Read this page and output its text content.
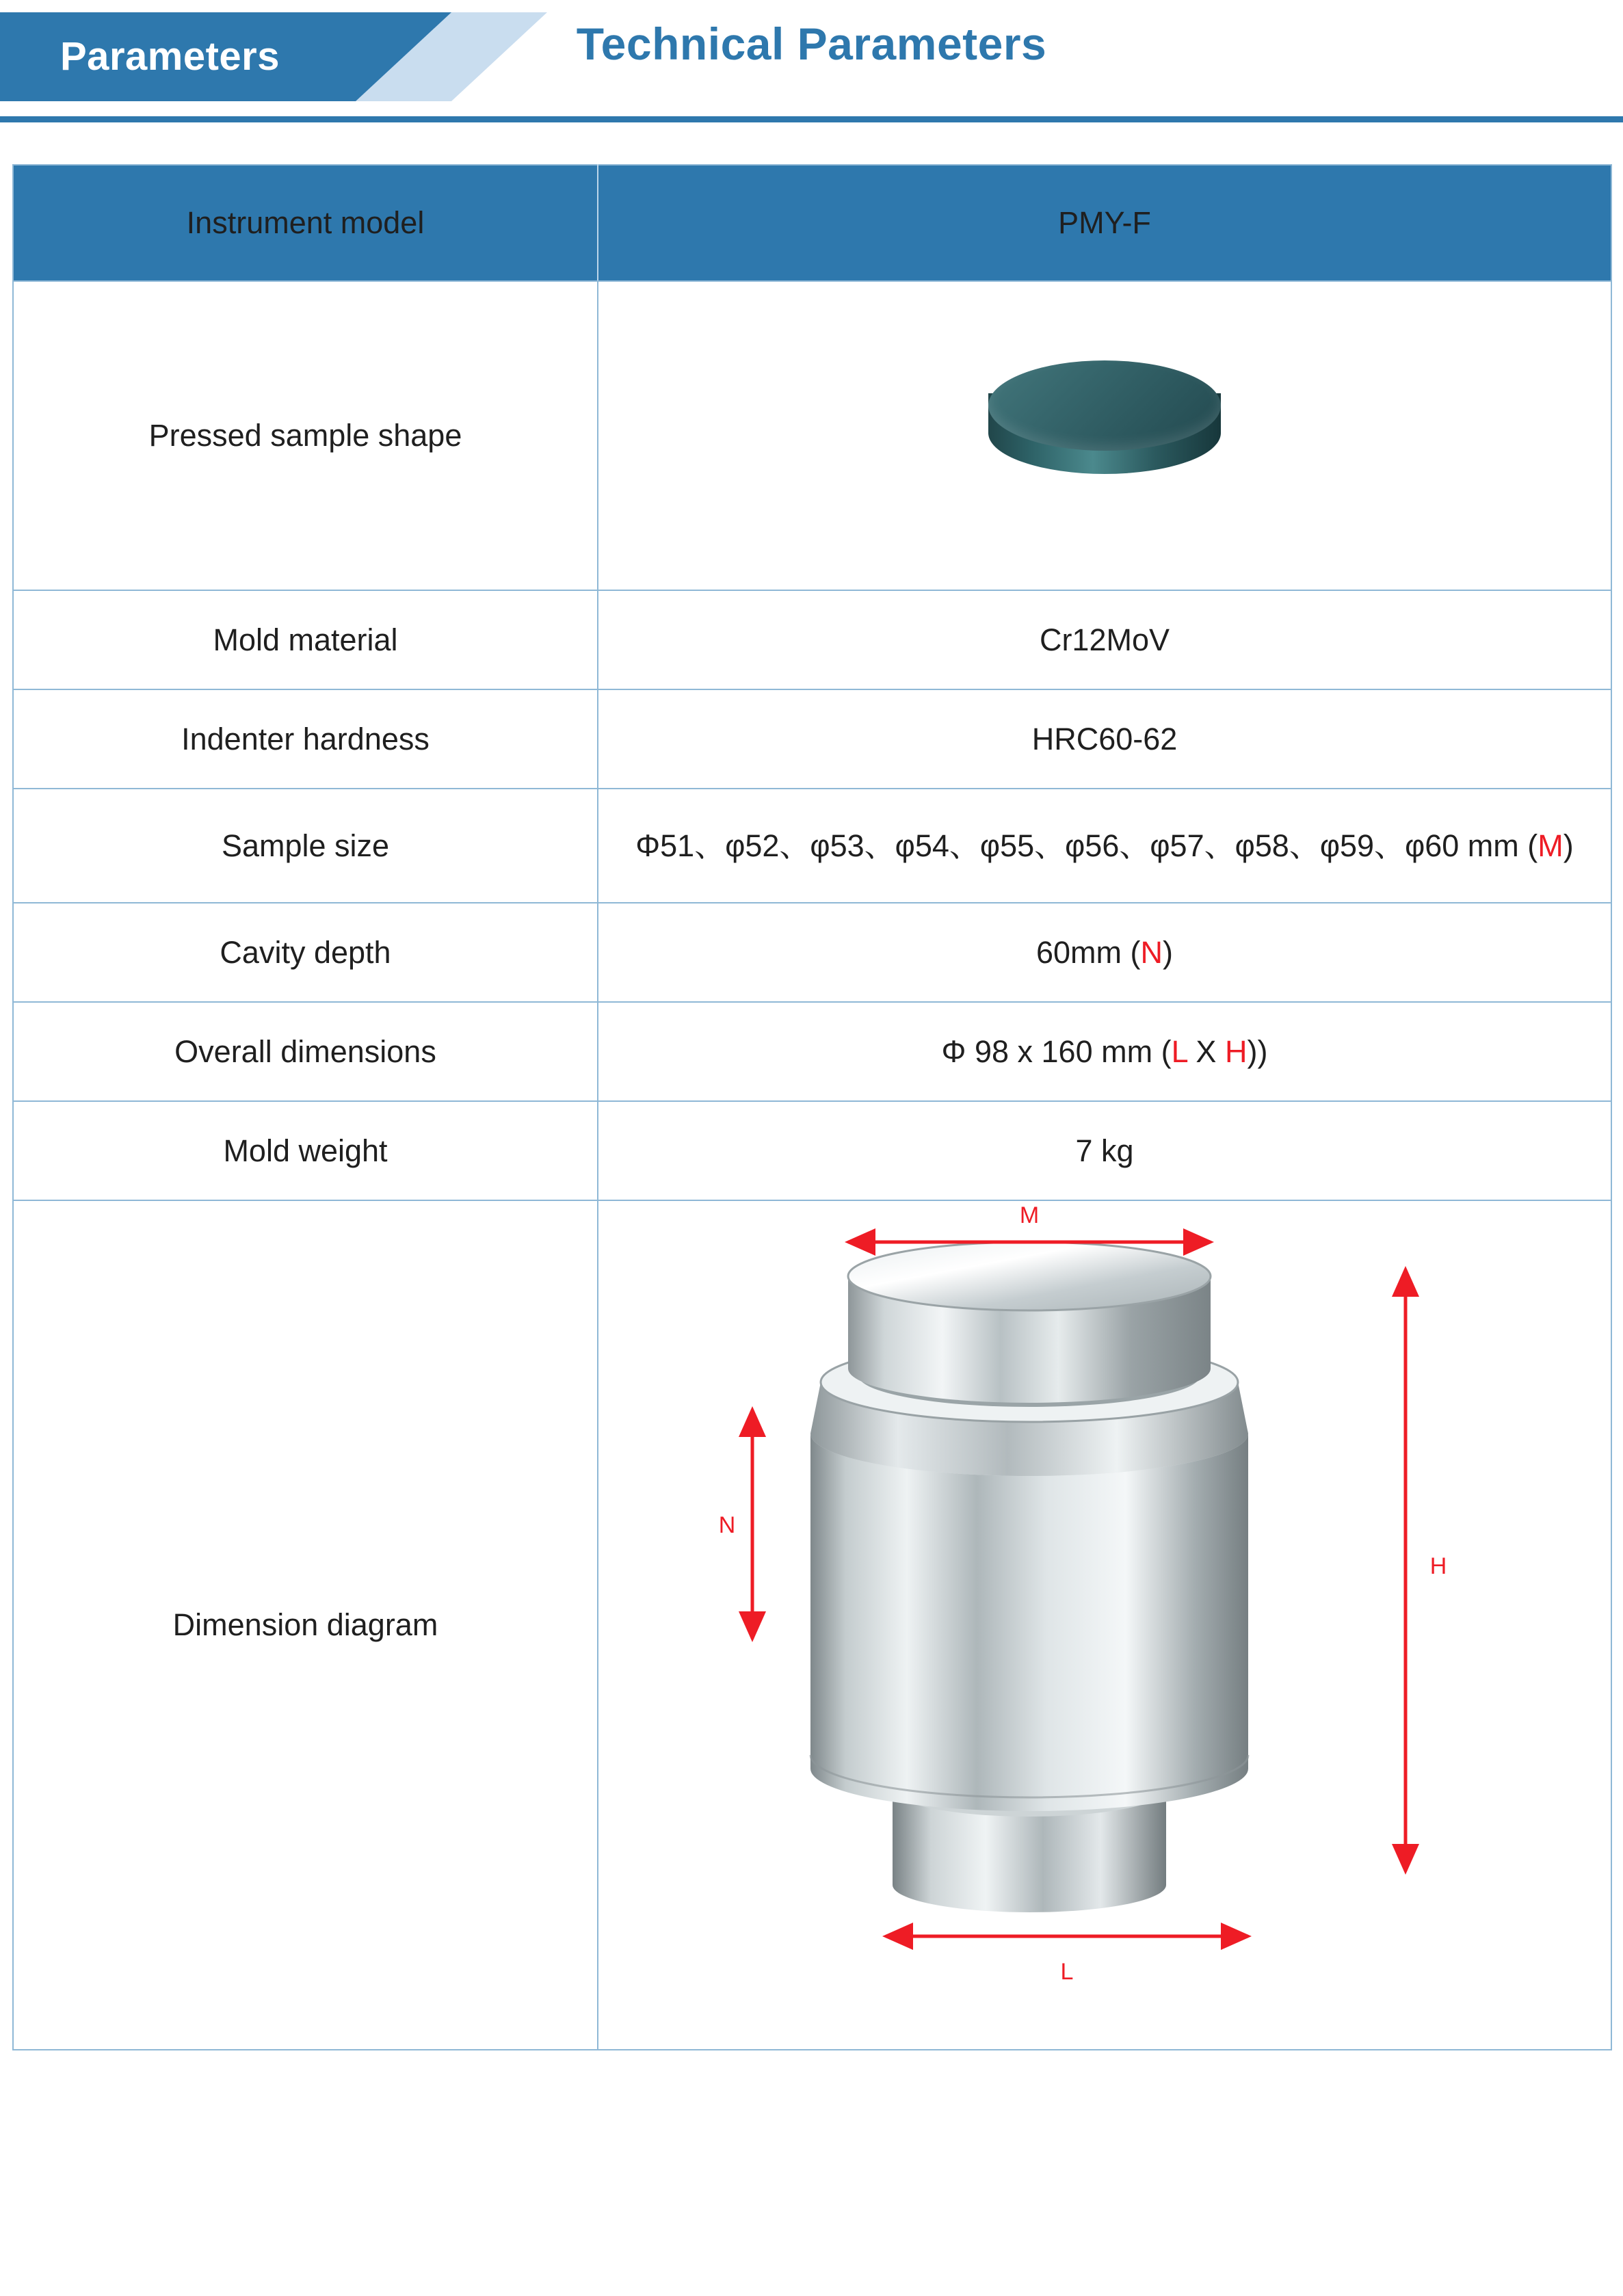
Parameters	Technical Parameters
Instrument model	PMY-F
Pressed sample shape	

Mold material	Cr12MoV
Indenter hardness	HRC60-62
Sample size	Φ51、φ52、φ53、φ54、φ55、φ56、φ57、φ58、φ59、φ60 mm (M)
Cavity depth	60mm (N)
Overall dimensions	Φ 98 x 160 mm (L X H))
Mold weight	7 kg
Dimension diagram	M
N
H
L
